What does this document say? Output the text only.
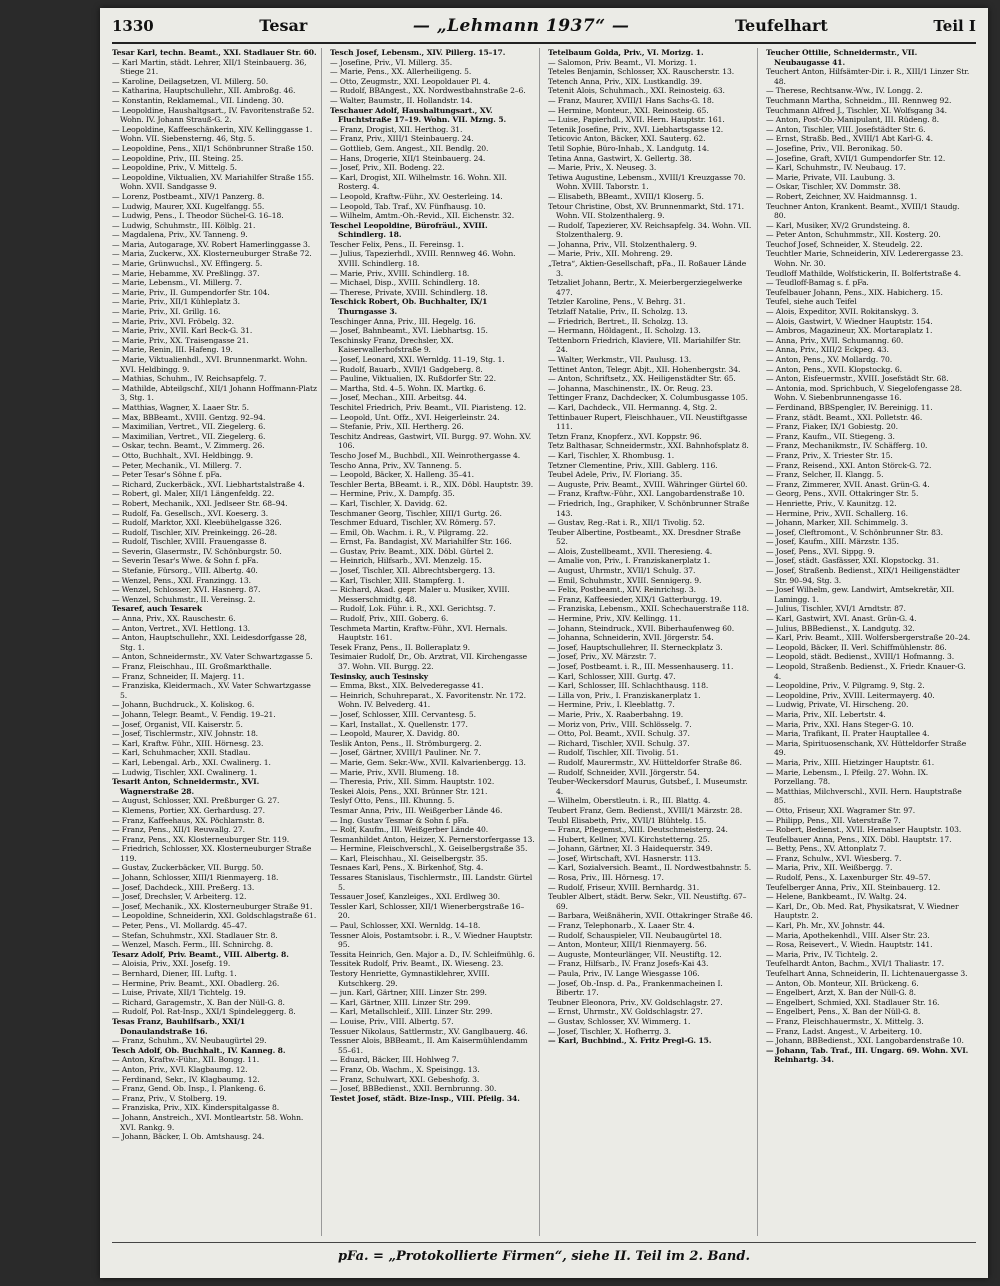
1330	Tesar	— „Lehmann 1937“ —	Teufelhart	Teil I

Tesar Karl, techn. Beamt., XXI. Stadlauer Str. 60.

— Karl Martin, städt. Lehrer, XII/1 Steinbauerg. 36, Stiege 21.

— Karoline, Deilagsetzen, VI. Millerg. 50.

— Katharina, Hauptschullehr., XII. Ambroßg. 46.

— Konstantin, Reklamemal., VII. Lindeng. 30.

— Leopoldine, Haushaltgsart., IV. Favoritenstraße 52. Wohn. IV. Johann Strauß-G. 2.

— Leopoldine, Kaffeeschänkerin, XIV. Kellinggasse 1. Wohn. VII. Siebensterng. 46, Stg. 5.

— Leopoldine, Pens., XII/1 Schönbrunner Straße 150.

— Leopoldine, Priv., III. Steing. 25.

— Leopoldine, Priv., V. Mittelg. 5.

— Leopoldine, Viktualien, XV. Mariahilfer Straße 155. Wohn. XVII. Sandgasse 9.

— Lorenz, Postbeamt., XIV/1 Panzerg. 8.

— Ludwig, Maurer, XXI. Kugelfangg. 55.

— Ludwig, Pens., I. Theodor Süchel-G. 16–18.

— Ludwig, Schuhmstr., III. Kölblg. 21.

— Magdalena, Priv., XV. Tanneng. 9.

— Maria, Autogarage, XV. Robert Hamerlinggasse 3.

— Maria, Zuckerw., XX. Klosterneuburger Straße 72.

— Marie, Grünwuchsl., XV. Effingerg. 5.

— Marie, Hebamme, XV. Preßlingg. 37.

— Marie, Lebensm., VI. Millerg. 7.

— Marie, Priv., II. Gumpendorfer Str. 104.

— Marie, Priv., XII/1 Kühleplatz 3.

— Marie, Priv., XI. Grillg. 16.

— Marie, Priv., XVI. Fröbelg. 32.

— Marie, Priv., XVII. Karl Beck-G. 31.

— Marie, Priv., XX. Traisengasse 21.

— Marie, Renin, III. Hafeng. 19.

— Marie, Viktualienhdl., XVI. Brunnenmarkt. Wohn. XVI. Heldbingg. 9.

— Mathias, Schuhm., IV. Reichsapfelg. 7.

— Mathilde, Abteilgschf., XII/1 Johann Hoffmann-Platz 3, Stg. 1.

— Matthias, Wagner, X. Laaer Str. 5.

— Max, BBBeamt., XVIII. Gentzg. 92–94.

— Maximilian, Vertret., VII. Ziegelerg. 6.

— Maximilian, Vertret., VII. Ziegelerg. 6.

— Oskar, techn. Beamt., V. Zimmerg. 26.

— Otto, Buchhalt., XVI. Heldbingg. 9.

— Peter, Mechanik., VI. Millerg. 7.

— Peter Tesar's Söhne f. pFa.

— Richard, Zuckerbäck., XVI. Liebhartstalstraße 4.

— Robert, gl. Maler, XII/1 Längenfeldg. 22.

— Robert, Mechanik., XXI. Jedlseer Str. 68–94.

— Rudolf, Fa. Gesellsch., XVI. Koeserg. 3.

— Rudolf, Marktor, XXI. Kleebühelgasse 326.

— Rudolf, Tischler, XIV. Preinkeingg. 26–28.

— Rudolf, Tischler, XVIII. Frauengasse 8.

— Severin, Glasermstr., IV. Schönburgstr. 50.

— Severin Tesar's Wwe. & Sohn f. pFa.

— Stefanie, Fürsorg., VIII. Albertg. 40.

— Wenzel, Pens., XXI. Franzingg. 13.

— Wenzel, Schlosser, XVI. Hasnerg. 87.

— Wenzel, Schuhmstr., II. Vereinsg. 2.

Tesaref, auch Tesarek

— Anna, Priv., XX. Rauschestr. 6.

— Anton, Vertret., XVI. Hettlong. 13.

— Anton, Hauptschullehr., XXI. Leidesdorfgasse 28, Stg. 1.

— Anton, Schneidermstr., XV. Vater Schwartzgasse 5.

— Franz, Fleischhau., III. Großmarkthalle.

— Franz, Schneider, II. Majerg. 11.

— Franziska, Kleidermach., XV. Vater Schwartzgasse 5.

— Johann, Buchdruck., X. Koliskog. 6.

— Johann, Telegr. Beamt., V. Fendig. 19–21.

— Josef, Organist, VII. Kaiserstr. 5.

— Josef, Tischlermstr., XIV. Johnstr. 18.

— Karl, Kraftw. Führ., XIII. Hörnesg. 23.

— Karl, Schuhmacher, XXII. Stadlau.

— Karl, Lebengal. Arb., XXI. Cwalinerg. 1.

— Ludwig, Tischler, XXI. Cwalinerg. 1.

Tesarit Anton, Schneidermstr., XVI. Wagnerstraße 28.

— August, Schlosser, XXI. Preßburger G. 27.

— Klemens, Portier, XX. Gerhardusg. 27.

— Franz, Kaffeehaus, XX. Pöchlarnstr. 8.

— Franz, Pens., XII/1 Reuwallg. 27.

— Franz, Pens., XX. Klosterneuburger Str. 119.

— Friedrich, Schlosser, XX. Klosterneuburger Straße 119.

— Gustav, Zuckerbäcker, VII. Burgg. 50.

— Johann, Schlosser, XIII/1 Rienmayerg. 18.

— Josef, Dachdeck., XIII. Preßerg. 13.

— Josef, Drechsler, V. Arbeiterg. 12.

— Josef, Mechanik., XX. Klosterneuburger Straße 91.

— Leopoldine, Schneiderin, XXI. Goldschlagstraße 61.

— Peter, Pens., VI. Mollardg. 45–47.

— Stefan, Schuhmstr., XXI. Stadlauer Str. 8.

— Wenzel, Masch. Ferm., III. Schnirchg. 8.

Tesarz Adolf, Priv. Beamt., VIII. Albertg. 8.

— Aloisia, Priv., XXI. Josefg. 19.

— Bernhard, Diener, III. Luftg. 1.

— Hermine, Priv. Beamt., XXI. Obadlerg. 26.

— Luise, Private, XII/1 Tichtelg. 19.

— Richard, Garagemstr., X. Ban der Nüll-G. 8.

— Rudolf, Pol. Rat-Insp., XXI/1 Spindeleggerg. 8.

Tesas Franz, Bauhilfsarb., XXI/1 Donaulandstraße 16.

— Franz, Schuhm., XV. Neubaugürtel 29.

Tesch Adolf, Ob. Buchhalt., IV. Kanneg. 8.

— Anton, Kraftw.-Führ., XII. Bongg. 11.

— Anton, Priv., XVI. Klagbaumg. 12.

— Ferdinand, Sekr., IV. Klagbaumg. 12.

— Franz, Gend. Ob. Insp., I. Plankeng. 6.

— Franz, Priv., V. Stolberg. 19.

— Franziska, Priv., XIX. Kinderspitalgasse 8.

— Johann, Anstreich., XVI. Montleartstr. 58. Wohn. XVI. Rankg. 9.

— Johann, Bäcker, I. Ob. Amtshausg. 24.

Tesch Josef, Lebensm., XIV. Pillerg. 15–17.

— Josefine, Priv., VI. Millerg. 35.

— Marie, Pens., XX. Allerheiligeng. 5.

— Otto, Zeugmstr., XXI. Leopoldauer Pl. 4.

— Rudolf, BBAngest., XX. Nordwestbahnstraße 2–6.

— Walter, Baumstr., II. Hollandstr. 14.

Teschauer Adolf, Haushaltungsart., XV. Fluchtstraße 17–19. Wohn. VII. Mzng. 5.

— Franz, Drogist, XII. Herthog. 31.

— Franz, Priv., XIII/1 Steinbauerg. 24.

— Gottlieb, Gem. Angest., XII. Bendlg. 20.

— Hans, Drogerie, XII/1 Steinbauerg. 24.

— Josef, Priv., XII. Bodeng. 22.

— Karl, Drogist, XII. Wilhelmstr. 16. Wohn. XII. Rosterg. 4.

— Leopold, Kraftw.-Führ., XV. Oesterleing. 14.

— Leopold, Tab. Traf., XV. Fünfhausg. 10.

— Wilhelm, Amtm.-Oh.-Revid., XII. Eichenstr. 32.

Teschel Leopoldine, Bürofräul., XVIII. Schindlerg. 18.

Tescher Felix, Pens., II. Fereinsg. 1.

— Julius, Tapezierhdl., XVIII. Rennweg 46. Wohn. XVIII. Schindlerg. 18.

— Marie, Priv., XVIII. Schindlerg. 18.

— Michael, Disp., XVIII. Schindlerg. 18.

— Therese, Private, XVIII. Schindlerg. 18.

Teschick Robert, Ob. Buchhalter, IX/1 Thurngasse 3.

Teschinger Anna, Priv., III. Hegelg. 16.

— Josef, Bahnbeamt., XVI. Liebhartsg. 15.

Teschinsky Franz, Drechsler, XX. Kaiserwallerhofstraße 9.

— Josef, Leonard, XXI. Wernldg. 11–19, Stg. 1.

— Rudolf, Bauarb., XVII/1 Gadgeberg. 8.

— Pauline, Viktualien, IX. Rußdorfer Str. 22.

— Martha, Std. 4–5. Wohn. IX. Martkg. 6.

— Josef, Mechan., XIII. Arbeitsg. 44.

Teschitel Friedrich, Priv. Beamt., VII. Piaristeng. 12.

— Leopold, Unt. Offz., XVI. Heigerleinstr. 24.

— Stefanie, Priv., XII. Hertherg. 26.

Teschitz Andreas, Gastwirt, VII. Burgg. 97. Wohn. XV. 106.

Tescho Josef M., Buchbdl., XII. Weinrothergasse 4.

Tescho Anna, Priv., XV. Tanneng. 5.

— Leopold, Bäcker, X. Halleng. 35–41.

Teschler Berta, BBeamt. i. R., XIX. Döbl. Hauptstr. 39.

— Hermine, Priv., X. Dampfg. 35.

— Karl, Tischler, X. Davidg. 62.

Teschmaner Georg, Tischler, XIII/1 Gurtg. 26.

Teschmer Eduard, Tischler, XV. Römerg. 57.

— Emil, Ob. Wachm. i. R., V. Pilgramg. 22.

— Ernst, Fa. Bandagist, XV. Mariahilfer Str. 166.

— Gustav, Priv. Beamt., XIX. Döbl. Gürtel 2.

— Heinrich, Hilfsarb., XVI. Menzelg. 15.

— Josef, Tischler, XII. Albrechtsbergerg. 13.

— Karl, Tischler, XIII. Stampferg. 1.

— Richard, Akad. gepr. Maler u. Musiker, XVIII. Messerschmidtg. 48.

— Rudolf, Lok. Führ. i. R., XXI. Gerichtsg. 7.

— Rudolf, Priv., XIII. Goberg. 6.

Teschmeta Martin, Kraftw.-Führ., XVI. Hernals. Hauptstr. 161.

Tesek Franz, Pens., II. Bolleraplatz 9.

Tesimaier Rudolf, Dr., Ob. Arztrat, VII. Kirchengasse 37. Wohn. VII. Burgg. 22.

Tesinsky, auch Tesinsky

— Emma, Bkst., XIX. Belvederegasse 41.

— Heinrich, Schuhreparat., X. Favoritenstr. Nr. 172. Wohn. IV. Belvederg. 41.

— Josef, Schlosser, XIII. Cervantesg. 5.

— Karl, Installat., X. Quellenstr. 177.

— Leopold, Maurer, X. Davidg. 80.

Teslik Anton, Pens., II. Strömburgerg. 2.

— Josef, Gärtner, XVIII/1 Pauliner. Nr. 7.

— Marie, Gem. Sekr.-Ww., XVII. Kalvarienbergg. 13.

— Marie, Priv., XVII. Blumeng. 18.

— Theresia, Priv., XII. Simm. Hauptstr. 102.

Teskei Alois, Pens., XXI. Brünner Str. 121.

Teslyf Otto, Pens., III. Khunng. 5.

Tesmar Anna, Priv., III. Weißgerber Lände 46.

— Ing. Gustav Tesmar & Sohn f. pFa.

— Rolf, Kaufm., III. Weißgerber Lände 40.

Tesmanhildet Anton, Heizer, X. Pernerstorfergasse 13.

— Hermine, Fleischverschl., X. Geiselbergstraße 35.

— Karl, Fleischhau., XI. Geiselbergstr. 35.

Tesnaes Karl, Pens., X. Birkenhof, Stg. 4.

Tessares Stanislaus, Tischlermstr., III. Landstr. Gürtel 5.

Tessauer Josef, Kanzleiges., XXI. Erdlweg 30.

Tessler Karl, Schlosser, XII/1 Wienerbergstraße 16–20.

— Paul, Schlosser, XXI. Wernldg. 14–18.

Tessner Alois, Postamtsobr. i. R., V. Wiedner Hauptstr. 95.

Tessita Heinrich, Gen. Major a. D., IV. Schleifmühlg. 6.

Tessitek Rudolf, Priv. Beamt., IX. Wieseng. 23.

Testory Henriette, Gymnastiklehrer, XVIII. Kutschkerg. 29.

— jun. Karl, Gärtner, XIII. Linzer Str. 299.

— Karl, Gärtner, XIII. Linzer Str. 299.

— Karl, Metallschleif., XIII. Linzer Str. 299.

— Louise, Priv., VIII. Albertg. 57.

Tessuer Nikolaus, Sattlermstr., XV. Ganglbauerg. 46.

Tessner Alois, BBBeamt., II. Am Kaisermühlendamm 55–61.

— Eduard, Bäcker, III. Hohlweg 7.

— Franz, Ob. Wachm., X. Speisingg. 13.

— Franz, Schulwart, XXI. Gebeshofg. 3.

— Josef, BBBedienst., XXII. Bernbrunng. 30.

Testet Josef, städt. Bize-Insp., VIII. Pfeilg. 34.

Tetelbaum Golda, Priv., VI. Morizg. 1.

— Salomon, Priv. Beamt., VI. Morizg. 1.

Teteles Benjamin, Schlosser, XX. Rauscherstr. 13.

Tetench Anna, Priv., XIX. Lustkandlg. 39.

Tetenit Alois, Schuhmach., XXI. Reinosteig. 63.

— Franz, Maurer, XVIII/1 Hans Sachs-G. 18.

— Hermine, Monteur., XXI. Reinosteig. 65.

— Luise, Papierhdl., XVII. Hern. Hauptstr. 161.

Tetenik Josefine, Priv., XVI. Liebhartsgasse 12.

Teticovic Anton, Bäcker, XXI. Sauterg. 62.

Tetil Sophie, Büro-Inhab., X. Landgutg. 14.

Tetina Anna, Gastwirt, X. Gellertg. 38.

— Marie, Priv., X. Neuseg. 3.

Tetiwa Augustine, Lebensm., XVIII/1 Kreuzgasse 70. Wohn. XVIII. Taborstr. 1.

— Elisabeth, BBeamt., XVIII/1 Kloserg. 5.

Tetour Christine, Obst, XV. Brunnenmarkt, Std. 171. Wohn. VII. Stolzenthalerg. 9.

— Rudolf, Tapezierer, XV. Reichsapfelg. 34. Wohn. VII. Stolzenthalerg. 9.

— Johanna, Priv., VII. Stolzenthalerg. 9.

— Marie, Priv., XII. Mohreng. 29.

„Tetra“, Aktien-Gesellschaft, pFa., II. Roßauer Lände 3.

Tetzaliet Johann, Bertr., X. Meierbergerziegelwerke 477.

Tetzler Karoline, Pens., V. Behrg. 31.

Tetzlaff Natalie, Priv., II. Scholzg. 13.

— Friedrich, Bertret., II. Scholzg. 13.

— Hermann, Höldagent., II. Scholzg. 13.

Tettenborn Friedrich, Klaviere, VII. Mariahilfer Str. 24.

— Walter, Werkmstr., VII. Paulusg. 13.

Tettinet Anton, Telegr. Abjt., XII. Hohenbergstr. 34.

— Anton, Schriftsetz., XX. Heiligenstädter Str. 65.

— Johanna, Maschinenstr., IX. Or. Reug. 23.

Tettinger Franz, Dachdecker, X. Columbusgasse 105.

— Karl, Dachdeck., VII. Hermanng. 4, Stg. 2.

Tettinbauer Rupert, Fleischhauer., VII. Neustiftgasse 111.

Tetzn Franz, Knopferz., XVI. Koppstr. 96.

Tetz Balthasar, Schneidermstr., XXI. Bahnhofsplatz 8.

— Karl, Tischler, X. Rhombusg. 1.

Tetzner Clementine, Priv., XIII. Gablerg. 116.

Teubel Adele, Priv., IV. Floriang. 35.

— Auguste, Priv. Beamt., XVIII. Währinger Gürtel 60.

— Franz, Kraftw.-Führ., XXI. Langobardenstraße 10.

— Friedrich, Ing., Graphiker, V. Schönbrunner Straße 143.

— Gustav, Reg.-Rat i. R., XII/1 Tivolig. 52.

Teuber Albertine, Postbeamt., XX. Dresdner Straße 52.

— Alois, Zustellbeamt., XVII. Theresieng. 4.

— Amalie von, Priv., I. Franziskanerplatz 1.

— August, Uhrmstr., XVII/1 Schulg. 37.

— Emil, Schuhmstr., XVIII. Sennigerg. 9.

— Felix, Postbeamt., XIV. Reinrichsg. 3.

— Franz, Kaffeesieder, XIX/1 Gatterburgg. 19.

— Franziska, Lebensm., XXII. Schechauerstraße 118.

— Hermine, Priv., XIV. Kellingg. 11.

— Johann, Steindruck., XVII. Biberhaufenweg 60.

— Johanna, Schneiderin, XVII. Jörgerstr. 54.

— Josef, Hauptschullehrer, II. Sterneckplatz 3.

— Josef, Priv., XV. Märzstr. 7.

— Josef, Postbeamt. i. R., III. Messenhauserg. 11.

— Karl, Schlosser, XIII. Gurtg. 47.

— Karl, Schlosser, III. Schlachthausg. 118.

— Lilla von, Priv., I. Franziskanerplatz 1.

— Hermine, Priv., I. Kleeblattg. 7.

— Marie, Priv., X. Raaberbahng. 19.

— Moriz von, Priv., VIII. Schlösselg. 7.

— Otto, Pol. Beamt., XVII. Schulg. 37.

— Richard, Tischler, XVII. Schulg. 37.

— Rudolf, Tischler, XII. Tivolig. 51.

— Rudolf, Maurermstr., XV. Hütteldorfer Straße 86.

— Rudolf, Schneider, XVII. Jörgerstr. 54.

Teuber-Weckersdorf Maurus, Gutsbef., I. Museumstr. 4.

— Wilhelm, Oberstleutn. i. R., III. Blattg. 4.

Teubert Franz, Gem. Bedienst., XVIII/1 Märzstr. 28.

Teubl Elisabeth, Priv., XVII/1 Blühtelg. 15.

— Franz, Pflegemst., XIII. Deutschmeisterg. 24.

— Hubert, Kellner, XVI. Kirchstetterng. 25.

— Johann, Gärtner, XI. 3 Haidequerstr. 349.

— Josef, Wirtschaft, XVI. Hasnerstr. 113.

— Karl, Sozialversich. Beamt., II. Nordwestbahnstr. 5.

— Rosa, Priv., III. Hörnesg. 17.

— Rudolf, Friseur, XVIII. Bernhardg. 31.

Teubler Albert, städt. Berw. Sekr., VII. Neustiftg. 67–69.

— Barbara, Weißnäherin, XVII. Ottakringer Straße 46.

— Franz, Telephonarb., X. Laaer Str. 4.

— Rudolf, Schauspieler, VII. Neubaugürtel 18.

— Anton, Monteur, XIII/1 Rienmayerg. 56.

— Auguste, Monteurlänger, VII. Neustiftg. 12.

— Franz, Hilfsarb., IV. Franz Josefs-Kai 43.

— Paula, Priv., IV. Lange Wiesgasse 106.

— Josef, Ob.-Insp. d. Pa., Frankenmacheinen I. Bibertr. 17.

Teubner Eleonora, Priv., XV. Goldschlagstr. 27.

— Ernst, Uhrmstr., XV. Goldschlagstr. 27.

— Gustav, Schlosser, XV. Wimmerg. 1.

— Josef, Tischler, X. Hofherrg. 3.

— Karl, Buchbind., X. Fritz Pregl-G. 15.

Teucher Ottilie, Schneidermstr., VII. Neubaugasse 41.

Teuchert Anton, Hilfsämter-Dir. i. R., XIII/1 Linzer Str. 48.

— Therese, Rechtsanw.-Ww., IV. Longg. 2.

Teuchmann Martha, Schneidm., III. Rennweg 92.

Teuchmann Alfred J., Tischler, XI. Wolfsgang 34.

— Anton, Post-Ob.-Manipulant, III. Rüdeng. 8.

— Anton, Tischler, VIII. Josefstädter Str. 6.

— Ernst, Straßb. Bed., XVIII/1 Abt Karl-G. 4.

— Josefine, Priv., VII. Beronikag. 50.

— Josefine, Graft, XVII/1 Gumpendorfer Str. 12.

— Karl, Schuhmstr., IV. Neubaug. 17.

— Marie, Private, VII. Laubung. 3.

— Oskar, Tischler, XV. Dommstr. 38.

— Robert, Zeichner, XV. Haidmannsg. 1.

Teuchner Anton, Krankent. Beamt., XVIII/1 Staudg. 80.

— Karl, Musiker, XV/2 Grundsteing. 8.

— Peter Anton, Schuhmmstr., XII. Kosterg. 20.

Teuchof Josef, Schneider, X. Steudelg. 22.

Teuchtler Marie, Schneiderin, XIV. Lederergasse 23. Wohn. Nr. 30.

Teudloff Mathilde, Wolfstickerin, II. Bolfertstraße 4.

— Teudloff-Bamag s. f. pFa.

Teufelbauer Johann, Pens., XIX. Habicherg. 15.

Teufel, siehe auch Teifel

— Alois, Expeditor, XVII. Rokitanskyg. 3.

— Alois, Gastwirt, V. Wiedner Hauptstr. 154.

— Ambros, Magazineur, XX. Mortaraplatz 1.

— Anna, Priv., XVII. Schumanng. 60.

— Anna, Priv., XIII/2 Eckpeg. 43.

— Anton, Pens., XV. Mollardg. 70.

— Anton, Pens., XVII. Klopstockg. 6.

— Anton, Eisfeuermstr., XVIII. Josefstädt Str. 68.

— Antonia, mod. Sprichbuch, V. Siegelofengasse 28. Wohn. V. Siebenbrunnengasse 16.

— Ferdinand, BBSpengler, IV. Bereinigg. 11.

— Franz, städt. Beamt., XXI. Polletstr. 46.

— Franz, Fiaker, IX/1 Gobiestg. 20.

— Franz, Kaufm., VII. Stiegeng. 3.

— Franz, Mechanikmstr., IV. Schäfferg. 10.

— Franz, Priv., X. Triester Str. 15.

— Franz, Reisend., XXI. Anton Störck-G. 72.

— Franz, Selcher, II. Klangg. 5.

— Franz, Zimmerer, XVII. Anast. Grün-G. 4.

— Georg, Pens., XVII. Ottakringer Str. 5.

— Henriette, Priv., V. Kaunitzg. 12.

— Hermine, Priv., XVII. Schallerg. 16.

— Johann, Marker, XII. Schimmelg. 3.

— Josef, Cleftromont., V. Schönbrunner Str. 83.

— Josef, Kaufm., XIII. Märzstr. 135.

— Josef, Pens., XVI. Sippg. 9.

— Josef, städt. Gasfässer, XXI. Klopstockg. 31.

— Josef, Straßenb. Bedienst., XIX/1 Heiligenstädter Str. 90–94, Stg. 3.

— Josef Wilhelm, gew. Landwirt, Amtsekretär, XII. Lamingg. 1.

— Julius, Tischler, XVI/1 Arndtstr. 87.

— Karl, Gastwirt, XVI. Anast. Grün-G. 4.

— Julius, BBBedienst., X. Landgutg. 32.

— Karl, Priv. Beamt., XIII. Wolfersbergerstraße 20–24.

— Leopold, Bäcker, II. Verl. Schiffmühlenstr. 86.

— Leopold, städt. Bedienst., XVIII/1 Hofmanng. 3.

— Leopold, Straßenb. Bedienst., X. Friedr. Knauer-G. 4.

— Leopoldine, Priv., V. Pilgramg. 9, Stg. 2.

— Leopoldine, Priv., XVIII. Leitermayerg. 40.

— Ludwig, Private, VI. Hirscheng. 20.

— Maria, Priv., XII. Lebertstr. 4.

— Maria, Priv., XXI. Hans Steger-G. 10.

— Maria, Trafikant, II. Prater Hauptallee 4.

— Maria, Spirituosenschank, XV. Hütteldorfer Straße 49.

— Maria, Priv., XIII. Hietzinger Hauptstr. 61.

— Marie, Lebensm., I. Pfeilg. 27. Wohn. IX. Porzellang. 78.

— Matthias, Milchverschl., XVII. Hern. Hauptstraße 85.

— Otto, Friseur, XXI. Wagramer Str. 97.

— Philipp, Pens., XII. Vaterstraße 7.

— Robert, Bedienst., XVII. Hernalser Hauptstr. 103.

Teufelbauer Anna, Pens., XIX. Döbl. Hauptstr. 17.

— Betty, Pens., XV. Attonplatz 7.

— Franz, Schulw., XVI. Wiesberg. 7.

— Maria, Priv., XII. Weißbergg. 7.

— Rudolf, Pens., X. Laxenburger Str. 49–57.

Teufelberger Anna, Priv., XII. Steinbauerg. 12.

— Helene, Bankbeamt., IV. Waltg. 24.

— Karl, Dr., Ob. Med. Rat, Physikatsrat, V. Wiedner Hauptstr. 2.

— Karl, Ph. Mr., XV. Johnstr. 44.

— Maria, Apothekenhdl., VIII. Alser Str. 23.

— Rosa, Reisevert., V. Wiedn. Hauptstr. 141.

— Maria, Priv., IV. Tichtelg. 2.

Teufelhardt Anton, Bachm., XVI/1 Thaliastr. 17.

Teufelhart Anna, Schneiderin, II. Lichtenauergasse 3.

— Anton, Ob. Monteur, XII. Brückeng. 6.

— Engelbert, Arzt, X. Ban der Nüll-G. 8.

— Engelbert, Schmied, XXI. Stadlauer Str. 16.

— Engelbert, Pens., X. Ban der Nüll-G. 8.

— Franz, Fleischhauermstr., X. Mittelg. 3.

— Franz, Ladst. Angest., V. Arbeiterg. 10.

— Johann, BBBedienst., XXI. Langobardenstraße 10.

— Johann, Tab. Traf., III. Ungarg. 69. Wohn. XVI. Reinhartg. 34.

pFa. = „Protokollierte Firmen“, siehe II. Teil im 2. Band.
